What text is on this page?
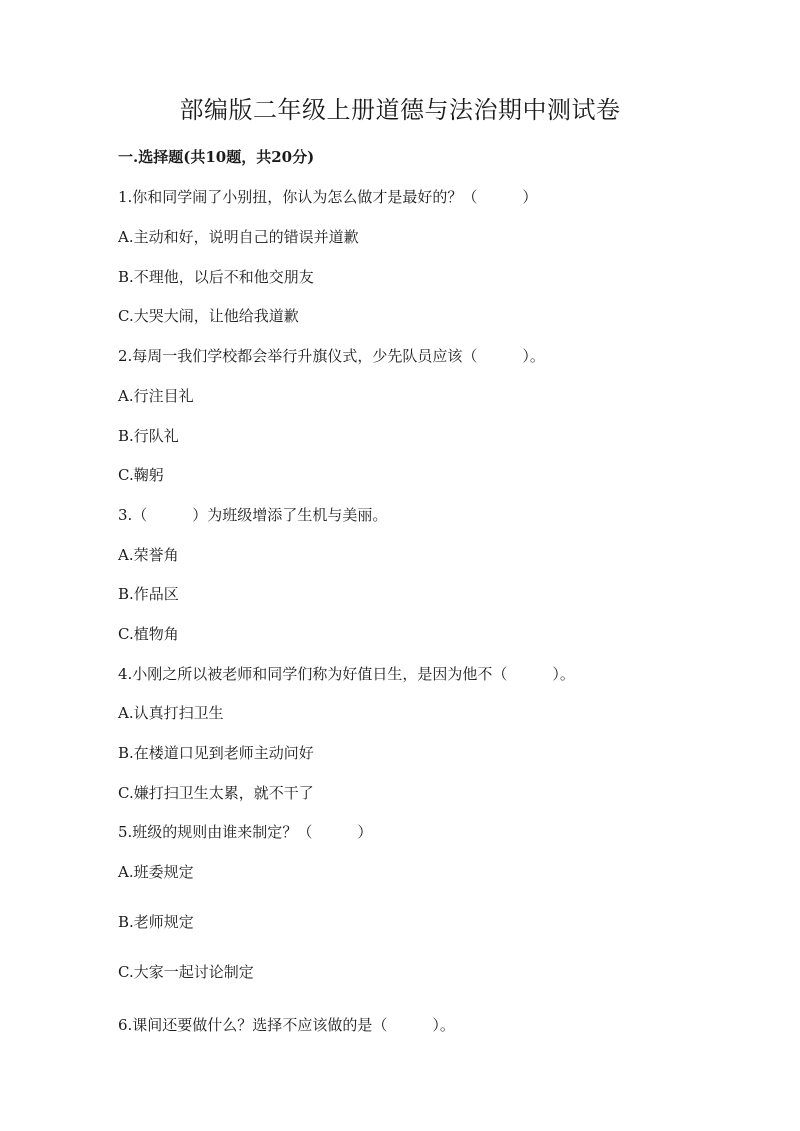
部编版二年级上册道德与法治期中测试卷
一.选择题(共10题，共20分)
1.你和同学闹了小别扭，你认为怎么做才是最好的？（　　　）
A.主动和好，说明自己的错误并道歉
B.不理他，以后不和他交朋友
C.大哭大闹，让他给我道歉
2.每周一我们学校都会举行升旗仪式，少先队员应该（　　　）。
A.行注目礼
B.行队礼
C.鞠躬
3.（　　　）为班级增添了生机与美丽。
A.荣誉角
B.作品区
C.植物角
4.小刚之所以被老师和同学们称为好值日生，是因为他不（　　　）。
A.认真打扫卫生
B.在楼道口见到老师主动问好
C.嫌打扫卫生太累，就不干了
5.班级的规则由谁来制定？（　　　）
A.班委规定
B.老师规定
C.大家一起讨论制定
6.课间还要做什么？选择不应该做的是（　　　）。
